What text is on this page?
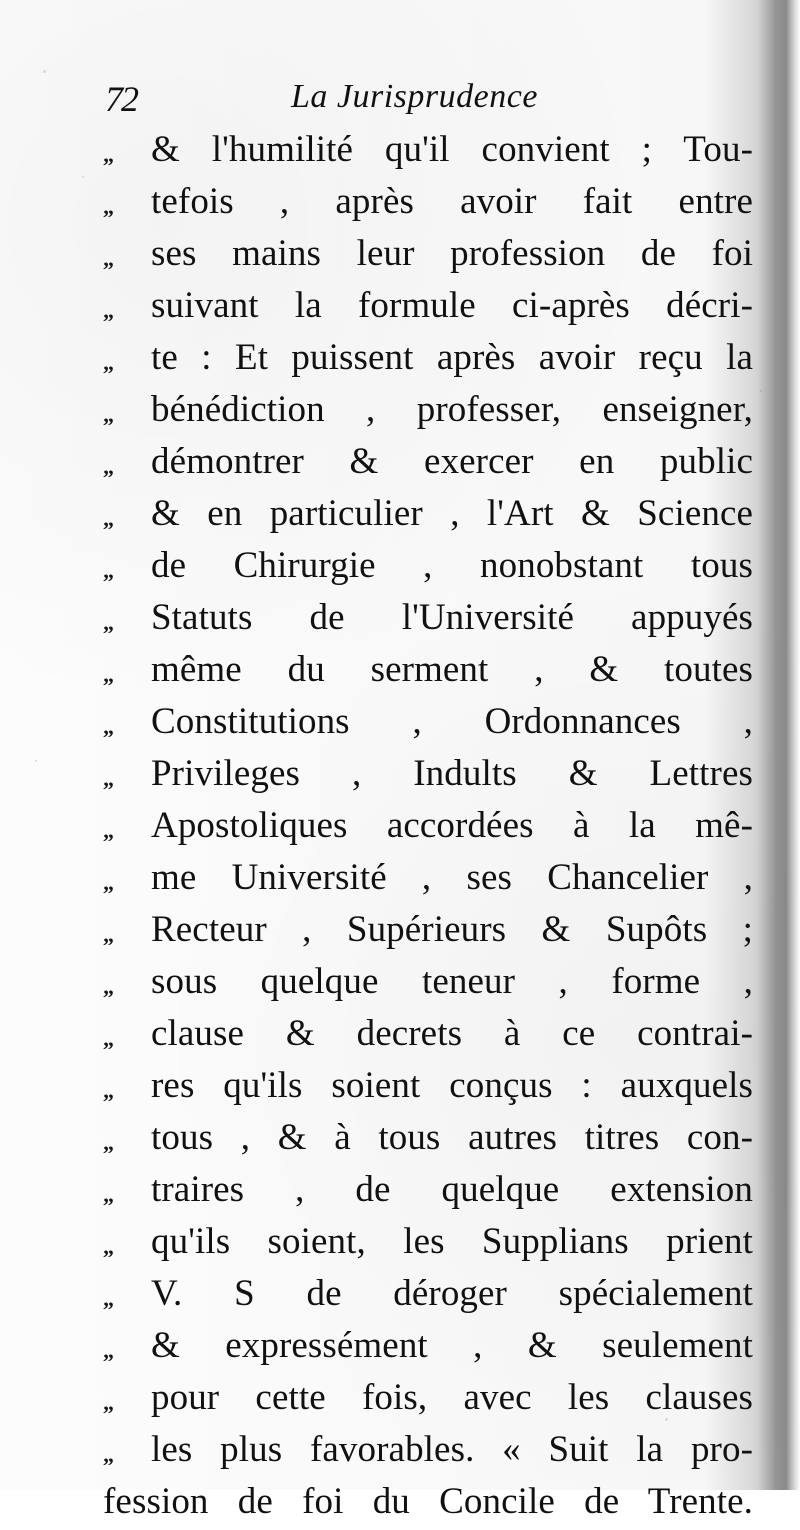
72	La Jurisprudence
„	& l'humilité qu'il convient ; Tou-
„	tefois , après avoir fait entre
„	ses mains leur profession de foi
„	suivant la formule ci-après décri-
„	te : Et puissent après avoir reçu la
„	bénédiction , professer, enseigner,
„	démontrer & exercer en public
„	& en particulier , l'Art & Science
„	de Chirurgie , nonobstant tous
„	Statuts de l'Université appuyés
„	même du serment , & toutes
„	Constitutions , Ordonnances ,
„	Privileges , Indults & Lettres
„	Apostoliques accordées à la mê-
„	me Université , ses Chancelier ,
„	Recteur , Supérieurs & Supôts ;
„	sous quelque teneur , forme ,
„	clause & decrets à ce contrai-
„	res qu'ils soient conçus : auxquels
„	tous , & à tous autres titres con-
„	traires , de quelque extension
„	qu'ils soient, les Supplians prient
„	V. S de déroger spécialement
„	& expressément , & seulement
„	pour cette fois, avec les clauses
„	les plus favorables. « Suit la pro-
fession de foi du Concile de Trente.
